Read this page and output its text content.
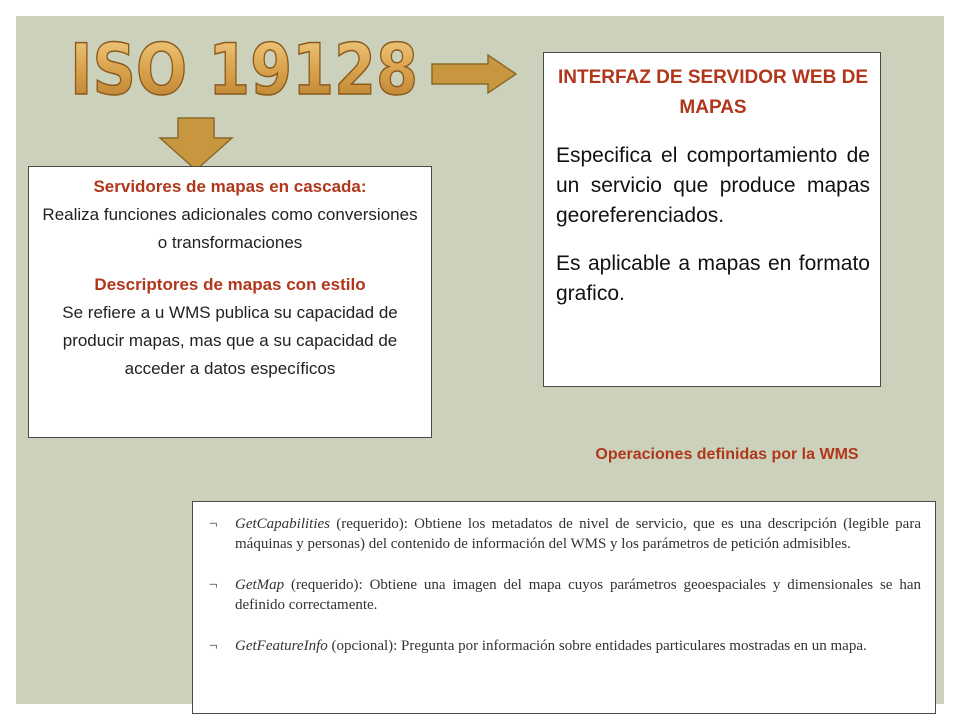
ISO 19128
Servidores de mapas en cascada:
Realiza funciones adicionales como conversiones o transformaciones
Descriptores de mapas con estilo
Se refiere a u WMS publica su capacidad de producir mapas, mas que a su capacidad de acceder a datos específicos
INTERFAZ DE SERVIDOR WEB DE MAPAS
Especifica el comportamiento de un servicio que produce mapas georeferenciados.
Es aplicable a mapas en formato grafico.
Operaciones definidas por la WMS
¬	GetCapabilities (requerido): Obtiene los metadatos de nivel de servicio, que es una descripción (legible para máquinas y personas) del contenido de información del WMS y los parámetros de petición admisibles.
¬	GetMap (requerido): Obtiene una imagen del mapa cuyos parámetros geoespaciales y dimensionales se han definido correctamente.
¬	GetFeatureInfo (opcional): Pregunta por información sobre entidades particulares mostradas en un mapa.
